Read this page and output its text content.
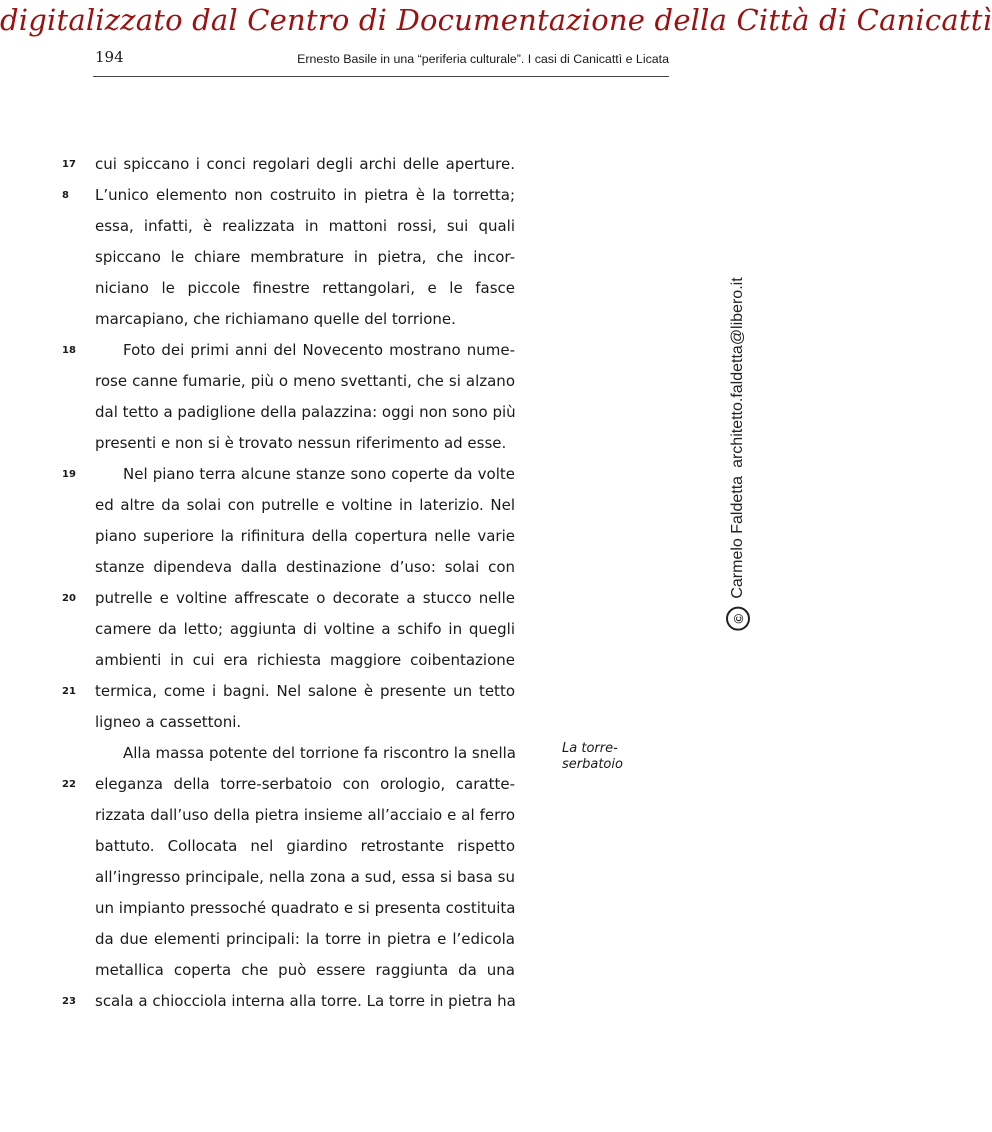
digitalizzato dal Centro di Documentazione della Città di Canicattì
194	Ernesto Basile in una “periferia culturale”. I casi di Canicattì e Licata
©
Carmelo Faldetta
architetto.faldetta@libero.it
La torre-
serbatoio
17
8
18
19
20
21
22
23
cui spiccano i conci regolari degli archi delle aperture.
L’unico elemento non costruito in pietra è la torretta;
essa, infatti, è realizzata in mattoni rossi, sui quali
spiccano le chiare membrature in pietra, che incor-
niciano le piccole finestre rettangolari, e le fasce
marcapiano, che richiamano quelle del torrione.
Foto dei primi anni del Novecento mostrano nume-
rose canne fumarie, più o meno svettanti, che si alzano
dal tetto a padiglione della palazzina: oggi non sono più
presenti e non si è trovato nessun riferimento ad esse.
Nel piano terra alcune stanze sono coperte da volte
ed altre da solai con putrelle e voltine in laterizio. Nel
piano superiore la rifinitura della copertura nelle varie
stanze dipendeva dalla destinazione d’uso: solai con
putrelle e voltine affrescate o decorate a stucco nelle
camere da letto; aggiunta di voltine a schifo in quegli
ambienti in cui era richiesta maggiore coibentazione
termica, come i bagni. Nel salone è presente un tetto
ligneo a cassettoni.
Alla massa potente del torrione fa riscontro la snella
eleganza della torre-serbatoio con orologio, caratte-
rizzata dall’uso della pietra insieme all’acciaio e al ferro
battuto. Collocata nel giardino retrostante rispetto
all’ingresso principale, nella zona a sud, essa si basa su
un impianto pressoché quadrato e si presenta costituita
da due elementi principali: la torre in pietra e l’edicola
metallica coperta che può essere raggiunta da una
scala a chiocciola interna alla torre. La torre in pietra ha
